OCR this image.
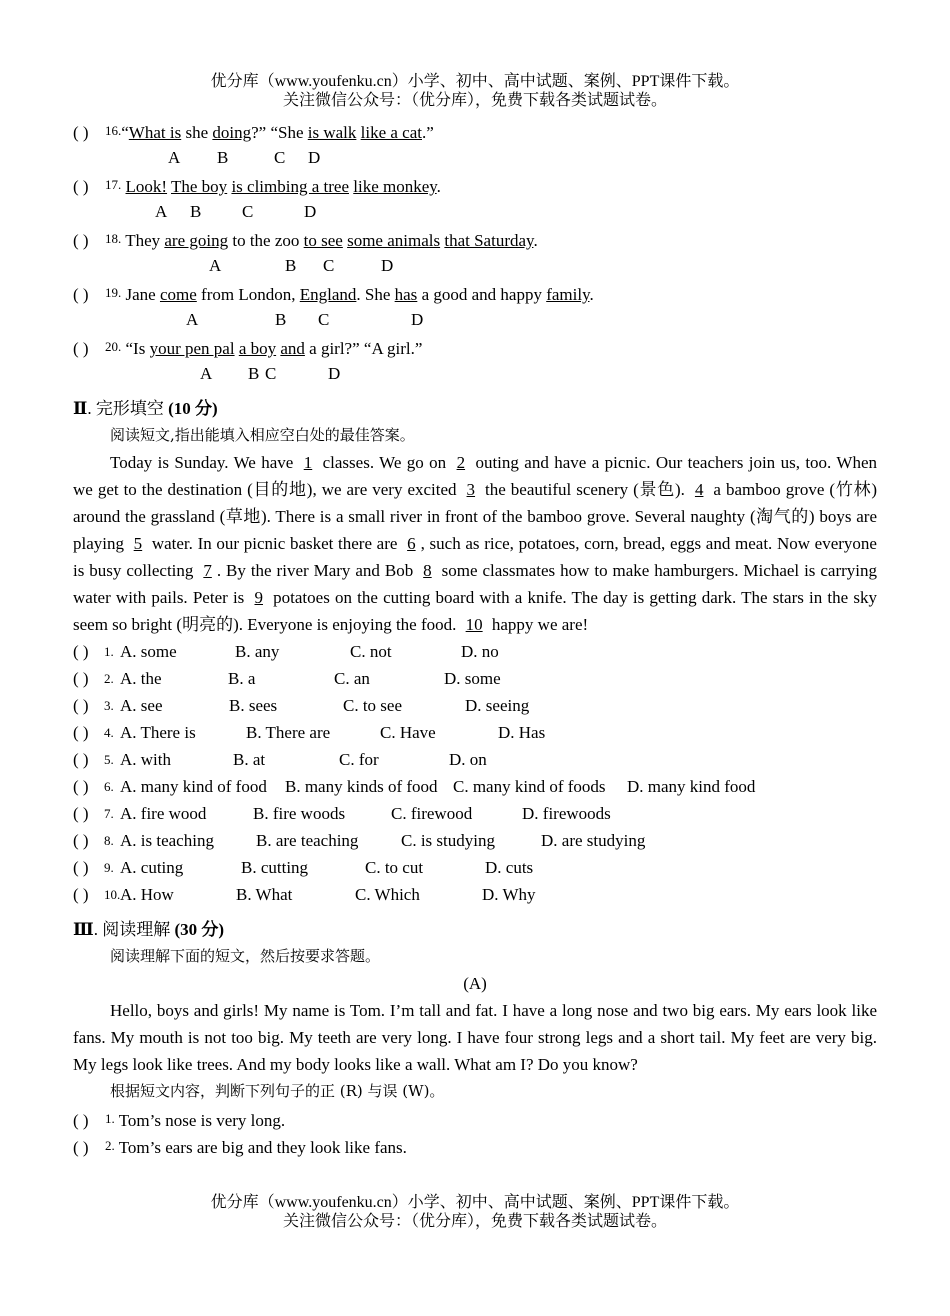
优分库（www.youfenku.cn）小学、初中、高中试题、案例、PPT课件下载。
关注微信公众号：（优分库），免费下载各类试题试卷。
( ) 16.“What is she doing?” “She is walk like a cat.”
A B	C D
( ) 17. Look! The boy is climbing a tree like monkey.
A B C	D
( ) 18. They are going to the zoo to see some animals that Saturday.
A	B C	D
( ) 19. Jane come from London, England. She has a good and happy family.
A	B C	D
( ) 20. “Is your pen pal a boy and a girl?” “A girl.”
A B C	D
Ⅱ. 完形填空 (10 分)
阅读短文,指出能填入相应空白处的最佳答案。
Today is Sunday. We have 1 classes. We go on 2 outing and have a picnic. Our teachers join us, too. When we get to the destination (目的地), we are very excited 3 the beautiful scenery (景色). 4 a bamboo grove (竹林) around the grassland (草地). There is a small river in front of the bamboo grove. Several naughty (淘气的) boys are playing 5 water. In our picnic basket there are 6 , such as rice, potatoes, corn, bread, eggs and meat. Now everyone is busy collecting 7 . By the river Mary and Bob 8 some classmates how to make hamburgers. Michael is carrying water with pails. Peter is 9 potatoes on the cutting board with a knife. The day is getting dark. The stars in the sky seem so bright (明亮的). Everyone is enjoying the food. 10 happy we are!
( ) 1. A. some	B. any	C. not	D. no
( ) 2. A. the	B. a	C. an	D. some
( ) 3. A. see	B. sees	C. to see	D. seeing
( ) 4. A. There is	B. There are	C. Have	D. Has
( ) 5. A. with	B. at	C. for	D. on
( ) 6. A. many kind of food B. many kinds of food C. many kind of foods D. many kind food
( ) 7. A. fire wood	B. fire woods	C. firewood	D. firewoods
( ) 8. A. is teaching B. are teaching	C. is studying	D. are studying
( ) 9. A. cuting	B. cutting	C. to cut	D. cuts
( ) 10. A. How	B. What	C. Which	D. Why
Ⅲ. 阅读理解 (30 分)
阅读理解下面的短文，然后按要求答题。
(A)
Hello, boys and girls! My name is Tom. I’m tall and fat. I have a long nose and two big ears. My ears look like fans. My mouth is not too big. My teeth are very long. I have four strong legs and a short tail. My feet are very big. My legs look like trees. And my body looks like a wall. What am I? Do you know?
根据短文内容，判断下列句子的正 (R) 与误 (W)。
( ) 1. Tom’s nose is very long.
( ) 2. Tom’s ears are big and they look like fans.
优分库（www.youfenku.cn）小学、初中、高中试题、案例、PPT课件下载。
关注微信公众号：（优分库），免费下载各类试题试卷。
